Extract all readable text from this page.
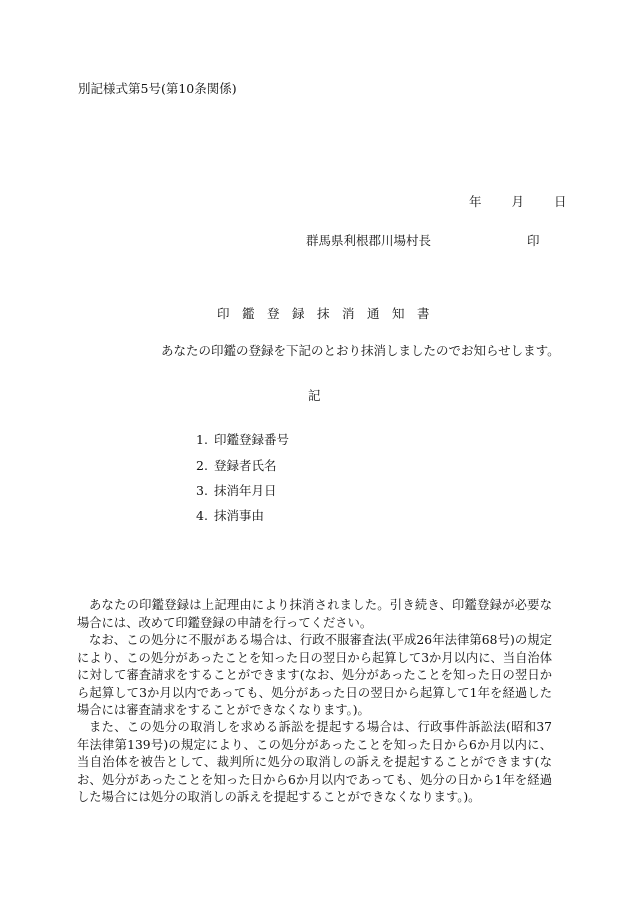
別記様式第5号(第10条関係)
年 月 日
群馬県利根郡川場村長	印
印　鑑　登　録　抹　消　通　知　書
あなたの印鑑の登録を下記のとおり抹消しましたのでお知らせします。
記
1. 印鑑登録番号
2. 登録者氏名
3. 抹消年月日
4. 抹消事由

あなたの印鑑登録は上記理由により抹消されました。引き続き、印鑑登録が必要な場合には、改めて印鑑登録の申請を行ってください。

なお、この処分に不服がある場合は、行政不服審査法(平成26年法律第68号)の規定により、この処分があったことを知った日の翌日から起算して3か月以内に、当自治体に対して審査請求をすることができます(なお、処分があったことを知った日の翌日から起算して3か月以内であっても、処分があった日の翌日から起算して1年を経過した場合には審査請求をすることができなくなります。)。

また、この処分の取消しを求める訴訟を提起する場合は、行政事件訴訟法(昭和37年法律第139号)の規定により、この処分があったことを知った日から6か月以内に、当自治体を被告として、裁判所に処分の取消しの訴えを提起することができます(なお、処分があったことを知った日から6か月以内であっても、処分の日から1年を経過した場合には処分の取消しの訴えを提起することができなくなります。)。
